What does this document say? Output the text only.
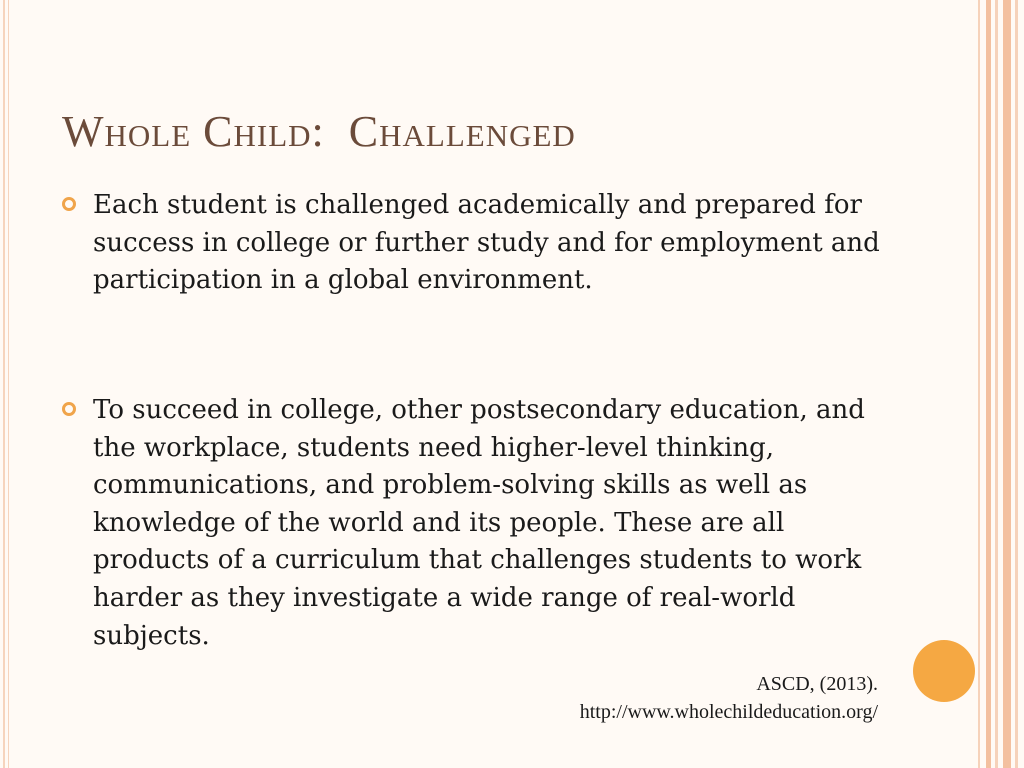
Whole Child:  Challenged

Each student is challenged academically and prepared for success in college or further study and for employment and participation in a global environment.

To succeed in college, other postsecondary education, and the workplace, students need higher-level thinking, communications, and problem-solving skills as well as knowledge of the world and its people. These are all products of a curriculum that challenges students to work harder as they investigate a wide range of real-world subjects.

ASCD, (2013).

http://www.wholechildeducation.org/
